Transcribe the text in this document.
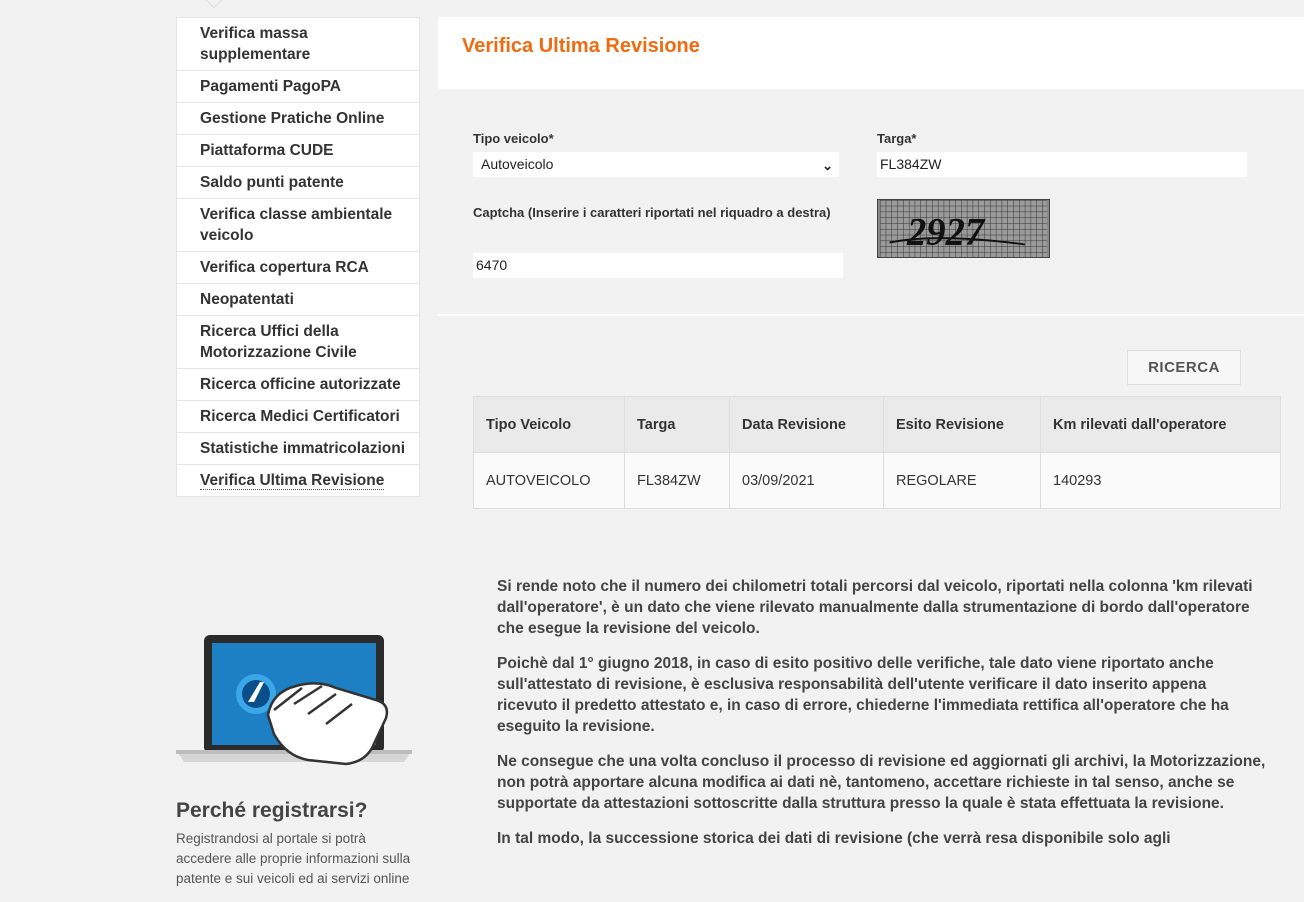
Verifica massa supplementare
Pagamenti PagoPA
Gestione Pratiche Online
Piattaforma CUDE
Saldo punti patente
Verifica classe ambientale veicolo
Verifica copertura RCA
Neopatentati
Ricerca Uffici della Motorizzazione Civile
Ricerca officine autorizzate
Ricerca Medici Certificatori
Statistiche immatricolazioni
Verifica Ultima Revisione
Perché registrarsi?
Registrandosi al portale si potrà accedere alle proprie informazioni sulla patente e sui veicoli ed ai servizi online
Verifica Ultima Revisione
Tipo veicolo*
Autoveicolo	⌄
Targa*
FL384ZW
Captcha (Inserire i caratteri riportati nel riquadro a destra)
6470
2927
RICERCA
Tipo Veicolo	Targa	Data Revisione	Esito Revisione	Km rilevati dall'operatore
AUTOVEICOLO	FL384ZW	03/09/2021	REGOLARE	140293

Si rende noto che il numero dei chilometri totali percorsi dal veicolo, riportati nella colonna 'km rilevati dall'operatore', è un dato che viene rilevato manualmente dalla strumentazione di bordo dall'operatore che esegue la revisione del veicolo.

Poichè dal 1° giugno 2018, in caso di esito positivo delle verifiche, tale dato viene riportato anche sull'attestato di revisione, è esclusiva responsabilità dell'utente verificare il dato inserito appena ricevuto il predetto attestato e, in caso di errore, chiederne l'immediata rettifica all'operatore che ha eseguito la revisione.

Ne consegue che una volta concluso il processo di revisione ed aggiornati gli archivi, la Motorizzazione, non potrà apportare alcuna modifica ai dati nè, tantomeno, accettare richieste in tal senso, anche se supportate da attestazioni sottoscritte dalla struttura presso la quale è stata effettuata la revisione.

In tal modo, la successione storica dei dati di revisione (che verrà resa disponibile solo agli
